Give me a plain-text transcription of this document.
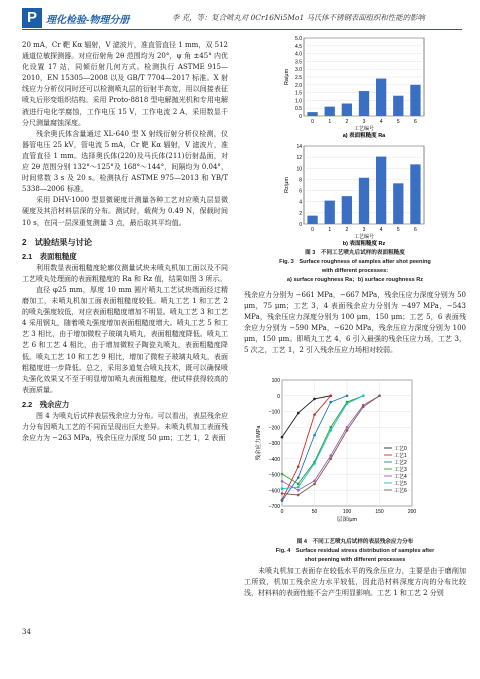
P 理化检验-物理分册	李 克，等：复合喷丸对 0Cr16Ni5Mo1 马氏体不锈钢表面组织和性能的影响

20 mA，Cr 靶 Kα 辐射，V 滤波片，准直管直径 1 mm，双 512 通道位敏探测器。对应衍射角 2θ 范围均为 20°，ψ 角 ±45° 内优化设置 17 站，同倾衍射几何方式。检测执行 ASTME 915—2010，EN 15305—2008 以及 GB/T 7704—2017 标准。X 射线应力分析仪同时还可以检测喷丸层的衍射半高宽，用以间接表征喷丸后形变组织结构。采用 Proto-8818 型电解抛光机和专用电解液进行电化学腐蚀，工作电压 15 V，工作电流 2 A，采用数显千分尺测量腐蚀深度。

残余奥氏体含量通过 XL-640 型 X 射线衍射分析仪检测，仪器管电压 25 kV，管电流 5 mA，Cr 靶 Kα 辐射，V 滤波片，准直管直径 1 mm。选择奥氏体(220)及马氏体(211)衍射晶面，对应 2θ 范围分别 132°～125°及 168°～144°，间隔均为 0.04°，时间常数 3 s 及 20 s。检测执行 ASTME 975—2013 和 YB/T 5338—2006 标准。

采用 DHV-1000 型显微硬度计测量各种工艺对应喷丸层显微硬度及其沿材料层深的分布。测试时，载荷为 0.49 N，保载时间 10 s，在同一层深重复测量 3 点，最后取其平均值。

2　试验结果与讨论

2.1　表面粗糙度

利用数显表面粗糙度轮廓仪测量试块未喷丸机加工面以及不同工艺喷丸处理面的表面粗糙度的 Ra 和 Rz 值，结果如图 3 所示。

直径 φ25 mm，厚度 10 mm 圆片喷丸工艺试块端面经过精磨加工，未喷丸机加工面表面粗糙度较低。喷丸工艺 1 和工艺 2 的喷丸强度较低，对应表面粗糙度增加不明显。喷丸工艺 3 和工艺 4 采用钢丸，随着喷丸强度增加表面粗糙度增大。喷丸工艺 5 和工艺 3 相比，由于增加微粒子玻璃丸喷丸，表面粗糙度降低。喷丸工艺 6 和工艺 4 相比，由于增加微粒子陶瓷丸喷丸，表面粗糙度降低。喷丸工艺 10 和工艺 9 相比，增加了微粒子玻璃丸喷丸，表面粗糙度进一步降低。总之，采用多道复合喷丸技术，既可以确保喷丸强化效果又不至于明显增加喷丸表面粗糙度，使试样获得较高的表面质量。

2.2　残余应力

图 4 为喷丸后试样表层残余应力分布。可以看出，表层残余应力分布因喷丸工艺的不同而呈现出巨大差异。未喷丸机加工表面残余应力为 −263 MPa，残余压应力深度 50 μm；工艺 1，2 表面

34
0
0.5
1.0
1.5
2.0
2.5
3.0
3.5
4.0
4.5
5.0
0	1	2	3	4	5	6
工艺编号
Ra/μm
a) 表面粗糙度 Ra
0
2
4
6
8
10
12
14
0	1	2	3	4	5	6
工艺编号
Rz/μm
b) 表面粗糙度 Rz
图 3　不同工艺喷丸后试样的表面粗糙度
Fig. 3　Surface roughness of samples after shot peening
with different processes:
a) surface roughness Ra；b) surface roughness Rz

残余应力分别为 −661 MPa，−667 MPa，残余压应力深度分别为 50 μm，75 μm；工艺 3，4 表面残余应力分别为 −497 MPa，−543 MPa，残余压应力深度分别为 100 μm，150 μm；工艺 5，6 表面残余应力分别为 −590 MPa，−620 MPa，残余压应力深度分别为 100 μm，150 μm。即喷丸工艺 4，6 引入最强的残余压应力场，工艺 3，5 次之，工艺 1，2 引入残余压应力场相对较弱。

100
0
−100
−200
−300
−400
−500
−600
−700
0	50	100	150	200
层深/μm
残余应力/MPa	工艺0
工艺1
工艺2
工艺3
工艺4
工艺5
工艺6
图 4　不同工艺喷丸后试样的表层残余应力分布
Fig. 4　Surface residual stress distribution of samples after
shot peening with different processes

未喷丸机加工表面存在较低水平的残余压应力，主要是由于磨削加工所致，机加工残余应力水平较低，因此沿材料深度方向的分布比较浅，材料料的表面性能不会产生明显影响。工艺 1 和工艺 2 分别
